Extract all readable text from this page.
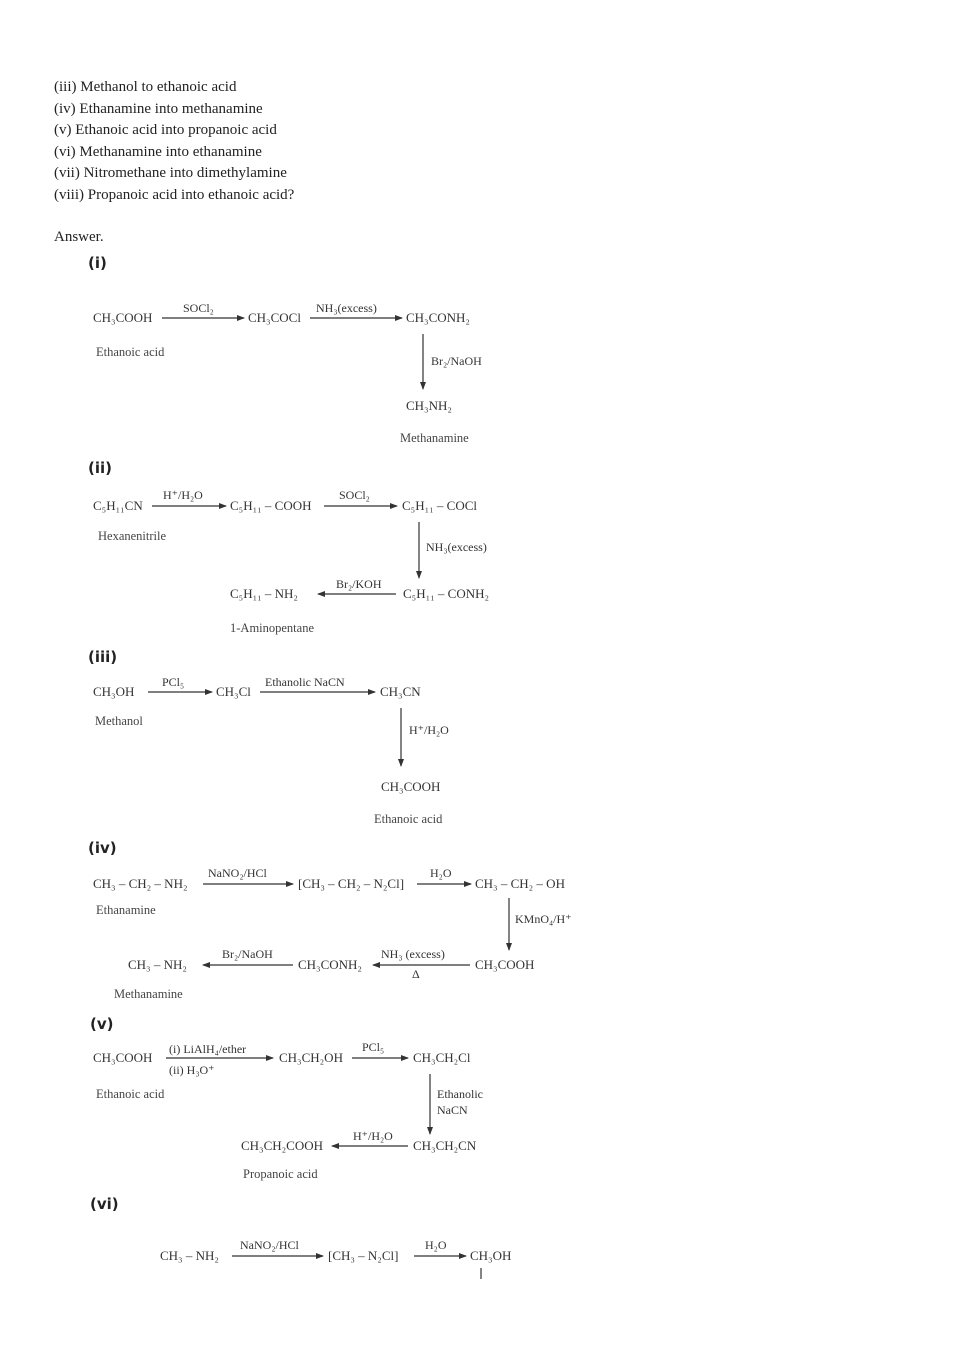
(iii) Methanol to ethanoic acid
(iv) Ethanamine into methanamine
(v) Ethanoic acid into propanoic acid
(vi) Methanamine into ethanamine
(vii) Nitromethane into dimethylamine
(viii) Propanoic acid into ethanoic acid?
Answer.
(i)
CH₃COOH
SOCl₂
CH₃COCl
NH₃(excess)
CH₃CONH₂
Ethanoic acid
Br₂/NaOH
CH₃NH₂
Methanamine
(ii)
C₅H₁₁CN
H⁺/H₂O
C₅H₁₁ – COOH
SOCl₂
C₅H₁₁ – COCl
Hexanenitrile
NH₃(excess)
C₅H₁₁ – CONH₂
Br₂/KOH
C₅H₁₁ – NH₂
1-Aminopentane
(iii)
CH₃OH
PCl₅
CH₃Cl
Ethanolic NaCN
CH₃CN
Methanol
H⁺/H₂O
CH₃COOH
Ethanoic acid
(iv)
CH₃ – CH₂ – NH₂
NaNO₂/HCl
[CH₃ – CH₂ – N₂Cl]
H₂O
CH₃ – CH₂ – OH
Ethanamine
KMnO₄/H⁺
CH₃COOH
NH₃ (excess)
Δ
CH₃CONH₂
Br₂/NaOH
CH₃ – NH₂
Methanamine
(v)
CH₃COOH
(i) LiAlH₄/ether
(ii) H₃O⁺
CH₃CH₂OH
PCl₅
CH₃CH₂Cl
Ethanoic acid	Ethanolic
NaCN
CH₃CH₂CN
H⁺/H₂O
CH₃CH₂COOH
Propanoic acid
(vi)
CH₃ – NH₂
NaNO₂/HCl
[CH₃ – N₂Cl]
H₂O
CH₃OH
